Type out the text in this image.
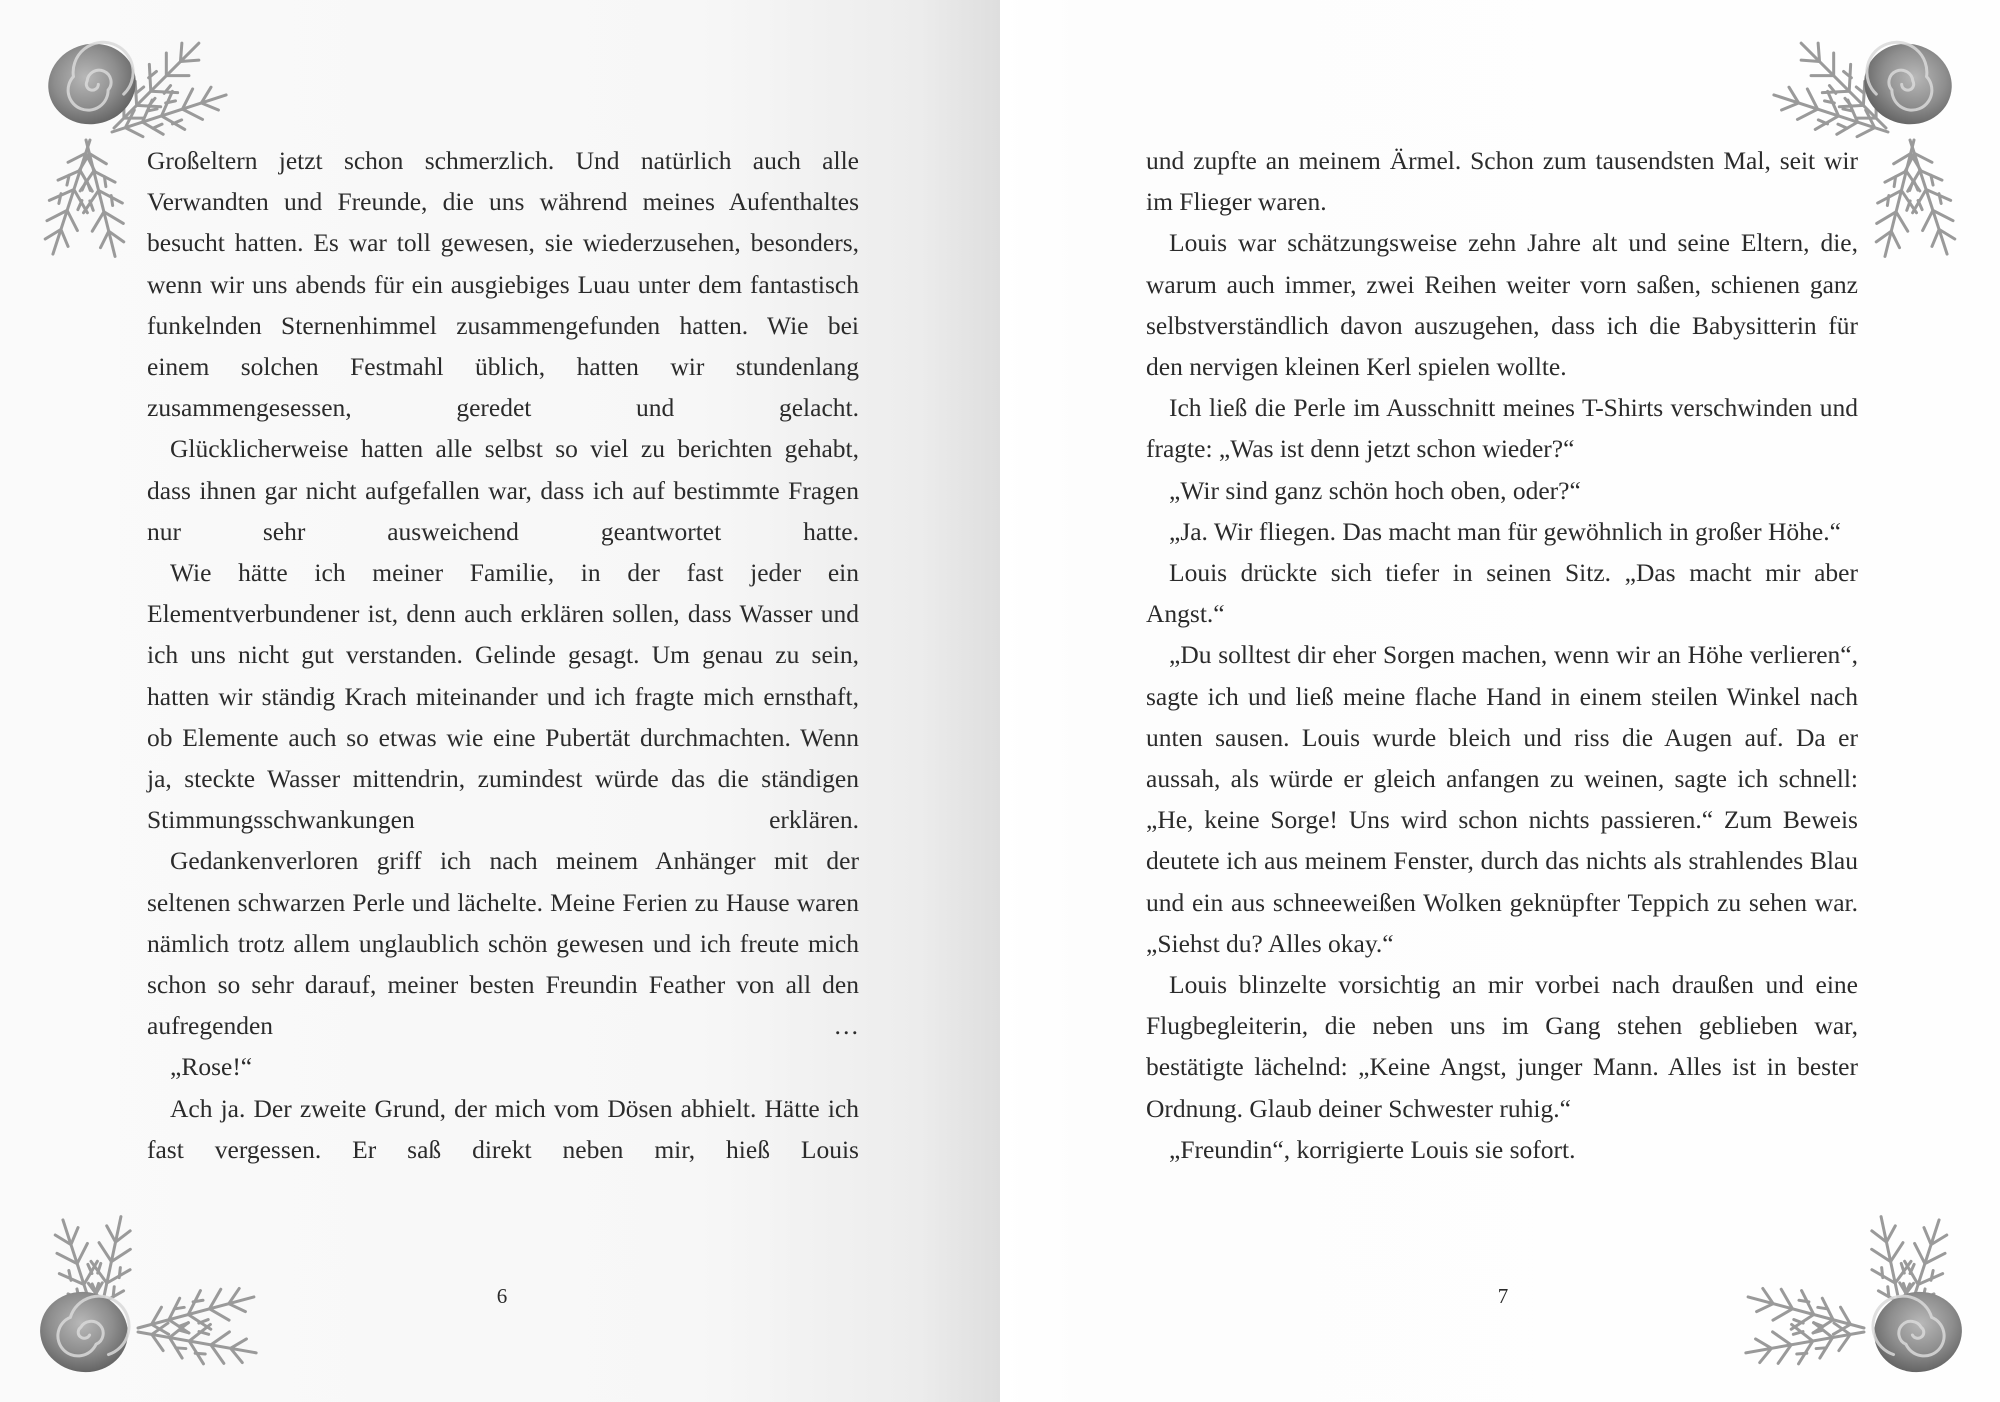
Großeltern jetzt schon schmerzlich. Und natürlich auch alle Verwandten und Freunde, die uns während meines Aufenthaltes besucht hatten. Es war toll gewesen, sie wiederzusehen, besonders, wenn wir uns abends für ein ausgiebiges Luau unter dem fantastisch funkelnden Sternenhimmel zusammengefunden hatten. Wie bei einem solchen Festmahl üblich, hatten wir stundenlang zusammengesessen, geredet und gelacht.

Glücklicherweise hatten alle selbst so viel zu berichten gehabt, dass ihnen gar nicht aufgefallen war, dass ich auf bestimmte Fragen nur sehr ausweichend geantwortet hatte.

Wie hätte ich meiner Familie, in der fast jeder ein Elementverbundener ist, denn auch erklären sollen, dass Wasser und ich uns nicht gut verstanden. Gelinde gesagt. Um genau zu sein, hatten wir ständig Krach miteinander und ich fragte mich ernsthaft, ob Elemente auch so etwas wie eine Pubertät durchmachten. Wenn ja, steckte Wasser mittendrin, zumindest würde das die ständigen Stimmungsschwankungen erklären.

Gedankenverloren griff ich nach meinem Anhänger mit der seltenen schwarzen Perle und lächelte. Meine Ferien zu Hause waren nämlich trotz allem unglaublich schön gewesen und ich freute mich schon so sehr darauf, meiner besten Freundin Feather von all den aufregenden …

„Rose!“

Ach ja. Der zweite Grund, der mich vom Dösen abhielt. Hätte ich fast vergessen. Er saß direkt neben mir, hieß Louis

6

und zupfte an meinem Ärmel. Schon zum tausendsten Mal, seit wir im Flieger waren.

Louis war schätzungsweise zehn Jahre alt und seine Eltern, die, warum auch immer, zwei Reihen weiter vorn saßen, schienen ganz selbstverständlich davon auszugehen, dass ich die Babysitterin für den nervigen kleinen Kerl spielen wollte.

Ich ließ die Perle im Ausschnitt meines T-Shirts verschwinden und fragte: „Was ist denn jetzt schon wieder?“

„Wir sind ganz schön hoch oben, oder?“

„Ja. Wir fliegen. Das macht man für gewöhnlich in großer Höhe.“

Louis drückte sich tiefer in seinen Sitz. „Das macht mir aber Angst.“

„Du solltest dir eher Sorgen machen, wenn wir an Höhe verlieren“, sagte ich und ließ meine flache Hand in einem steilen Winkel nach unten sausen. Louis wurde bleich und riss die Augen auf. Da er aussah, als würde er gleich anfangen zu weinen, sagte ich schnell: „He, keine Sorge! Uns wird schon nichts passieren.“ Zum Beweis deutete ich aus meinem Fenster, durch das nichts als strahlendes Blau und ein aus schneeweißen Wolken geknüpfter Teppich zu sehen war. „Siehst du? Alles okay.“

Louis blinzelte vorsichtig an mir vorbei nach draußen und eine Flugbegleiterin, die neben uns im Gang stehen geblieben war, bestätigte lächelnd: „Keine Angst, junger Mann. Alles ist in bester Ordnung. Glaub deiner Schwester ruhig.“

„Freundin“, korrigierte Louis sie sofort.

7
